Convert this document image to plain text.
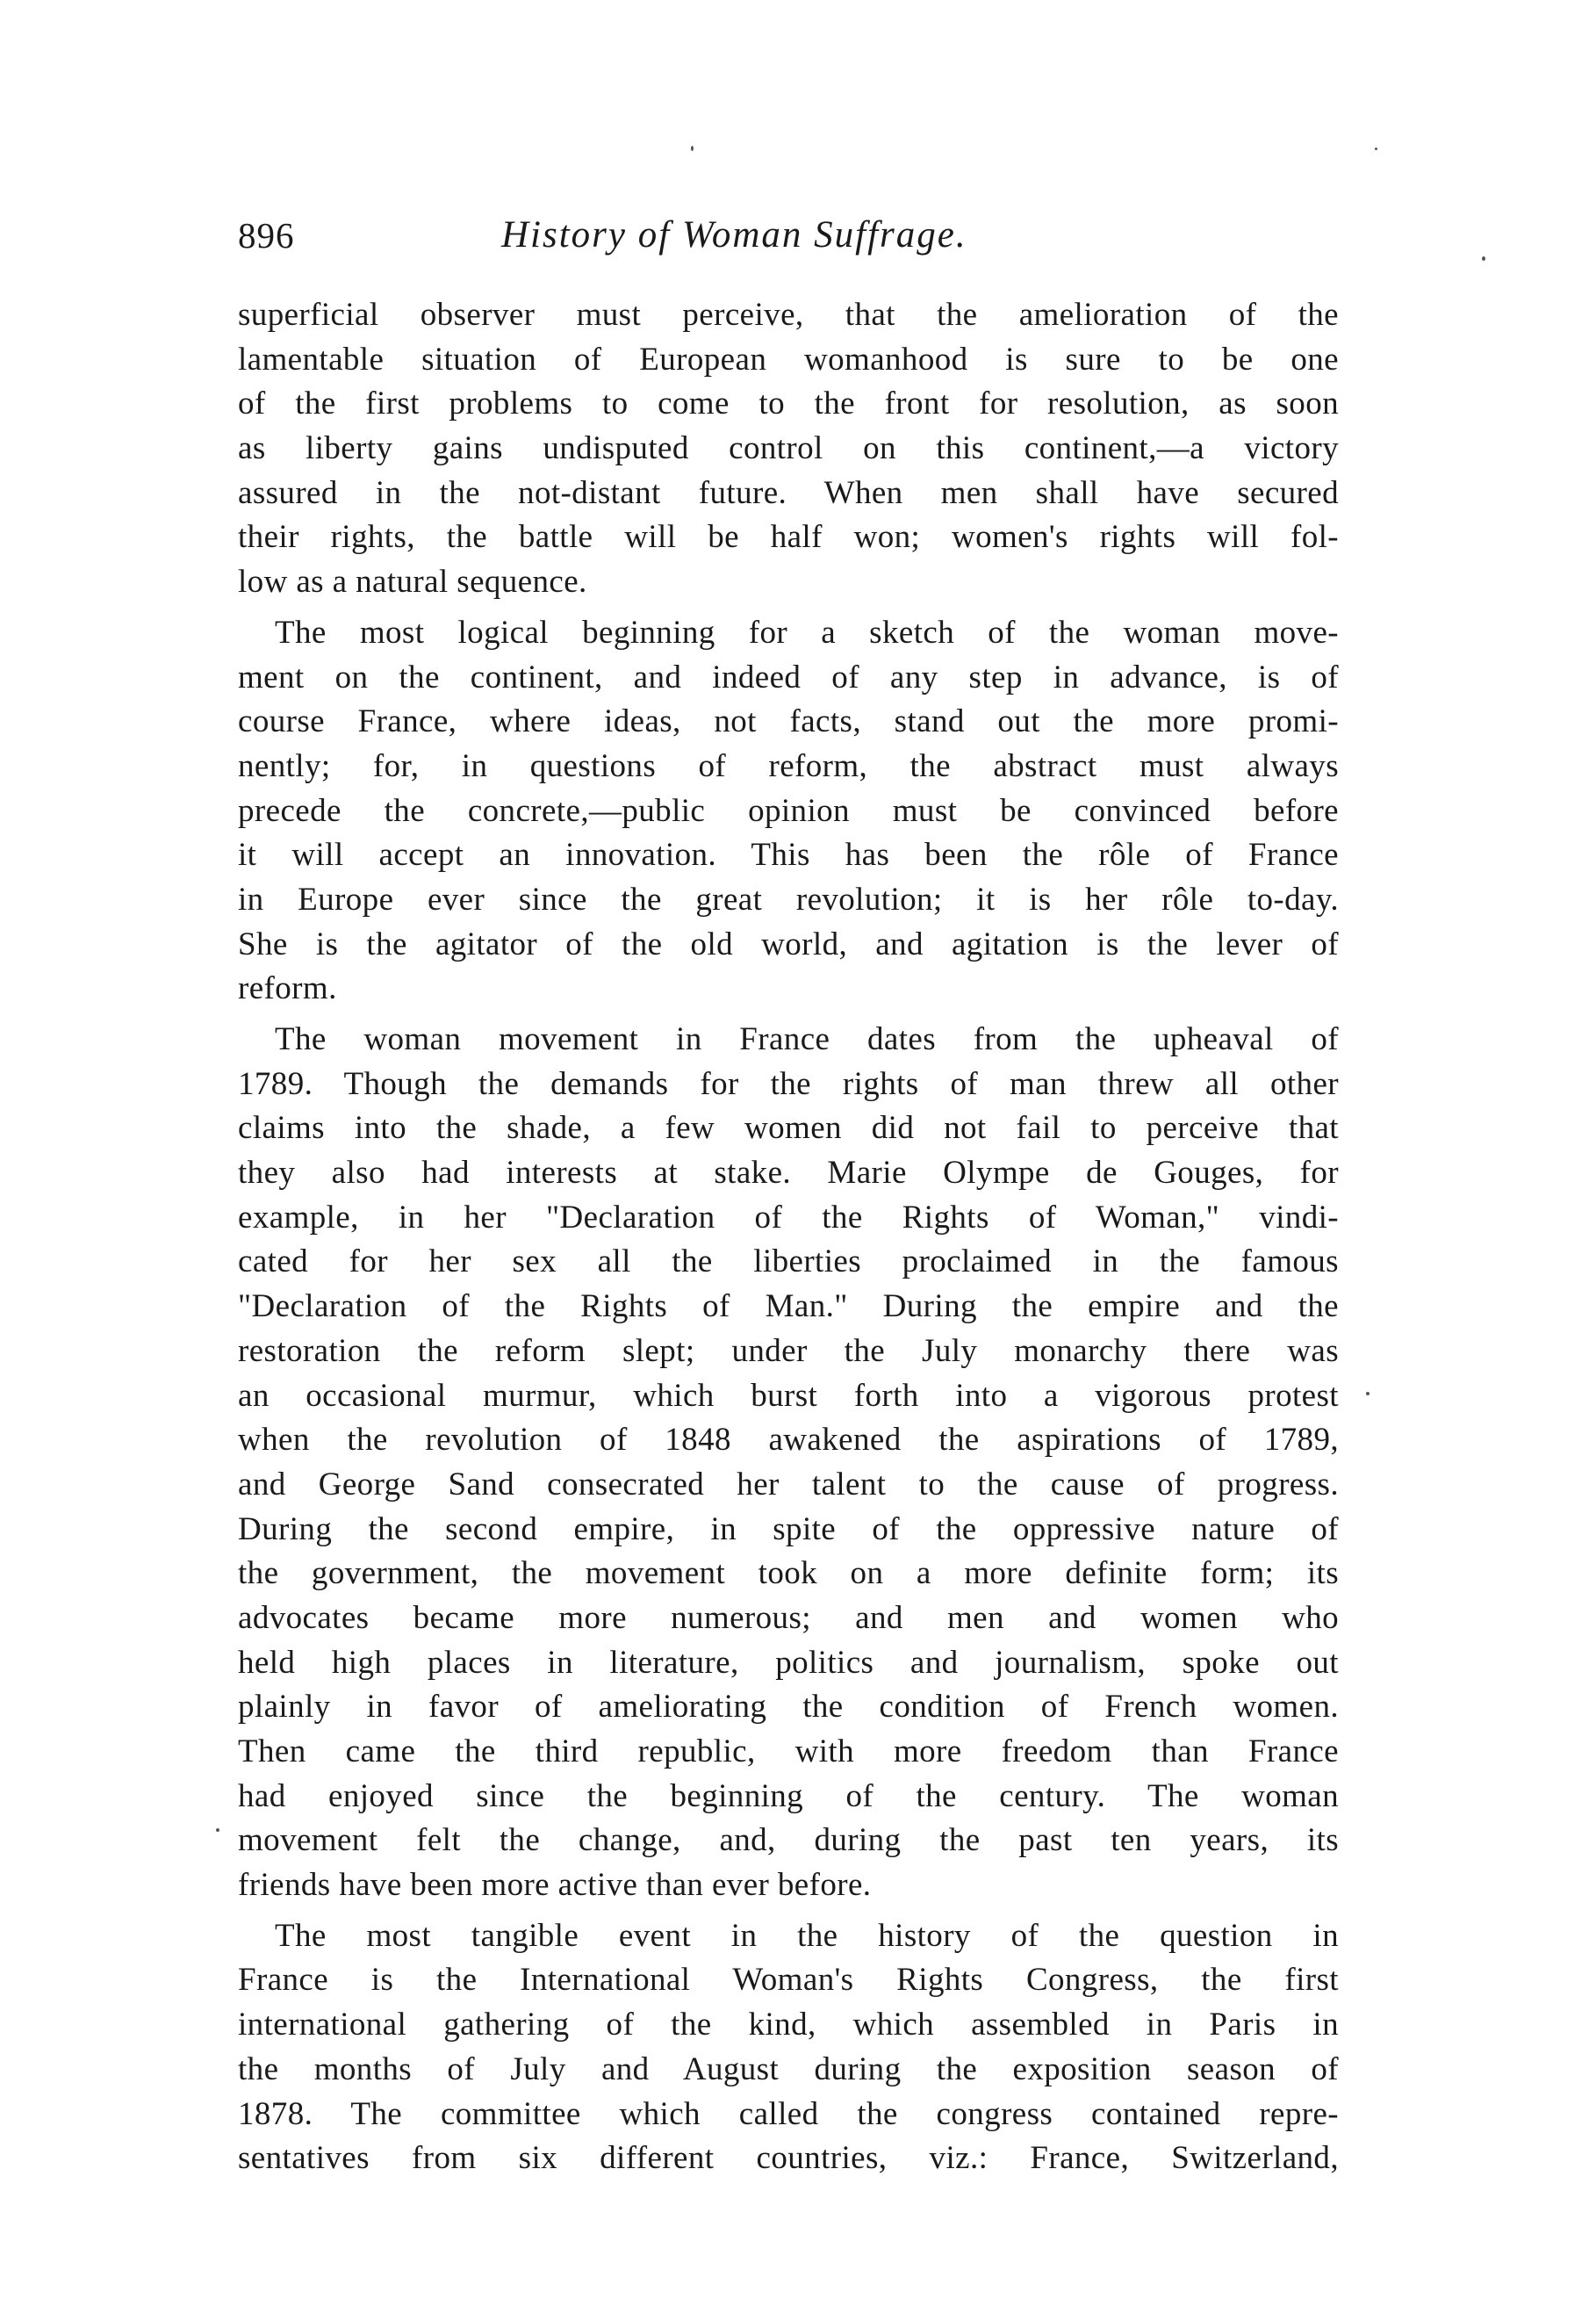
896	History of Woman Suffrage.
superficial observer must perceive, that the amelioration of the
lamentable situation of European womanhood is sure to be one
of the first problems to come to the front for resolution, as soon
as liberty gains undisputed control on this continent,—a victory
assured in the not-distant future. When men shall have secured
their rights, the battle will be half won; women's rights will fol-
low as a natural sequence.
The most logical beginning for a sketch of the woman move-
ment on the continent, and indeed of any step in advance, is of
course France, where ideas, not facts, stand out the more promi-
nently; for, in questions of reform, the abstract must always
precede the concrete,—public opinion must be convinced before
it will accept an innovation. This has been the rôle of France
in Europe ever since the great revolution; it is her rôle to-day.
She is the agitator of the old world, and agitation is the lever of
reform.
The woman movement in France dates from the upheaval of
1789. Though the demands for the rights of man threw all other
claims into the shade, a few women did not fail to perceive that
they also had interests at stake. Marie Olympe de Gouges, for
example, in her "Declaration of the Rights of Woman," vindi-
cated for her sex all the liberties proclaimed in the famous
"Declaration of the Rights of Man." During the empire and the
restoration the reform slept; under the July monarchy there was
an occasional murmur, which burst forth into a vigorous protest
when the revolution of 1848 awakened the aspirations of 1789,
and George Sand consecrated her talent to the cause of progress.
During the second empire, in spite of the oppressive nature of
the government, the movement took on a more definite form; its
advocates became more numerous; and men and women who
held high places in literature, politics and journalism, spoke out
plainly in favor of ameliorating the condition of French women.
Then came the third republic, with more freedom than France
had enjoyed since the beginning of the century. The woman
movement felt the change, and, during the past ten years, its
friends have been more active than ever before.
The most tangible event in the history of the question in
France is the International Woman's Rights Congress, the first
international gathering of the kind, which assembled in Paris in
the months of July and August during the exposition season of
1878. The committee which called the congress contained repre-
sentatives from six different countries, viz.: France, Switzerland,
